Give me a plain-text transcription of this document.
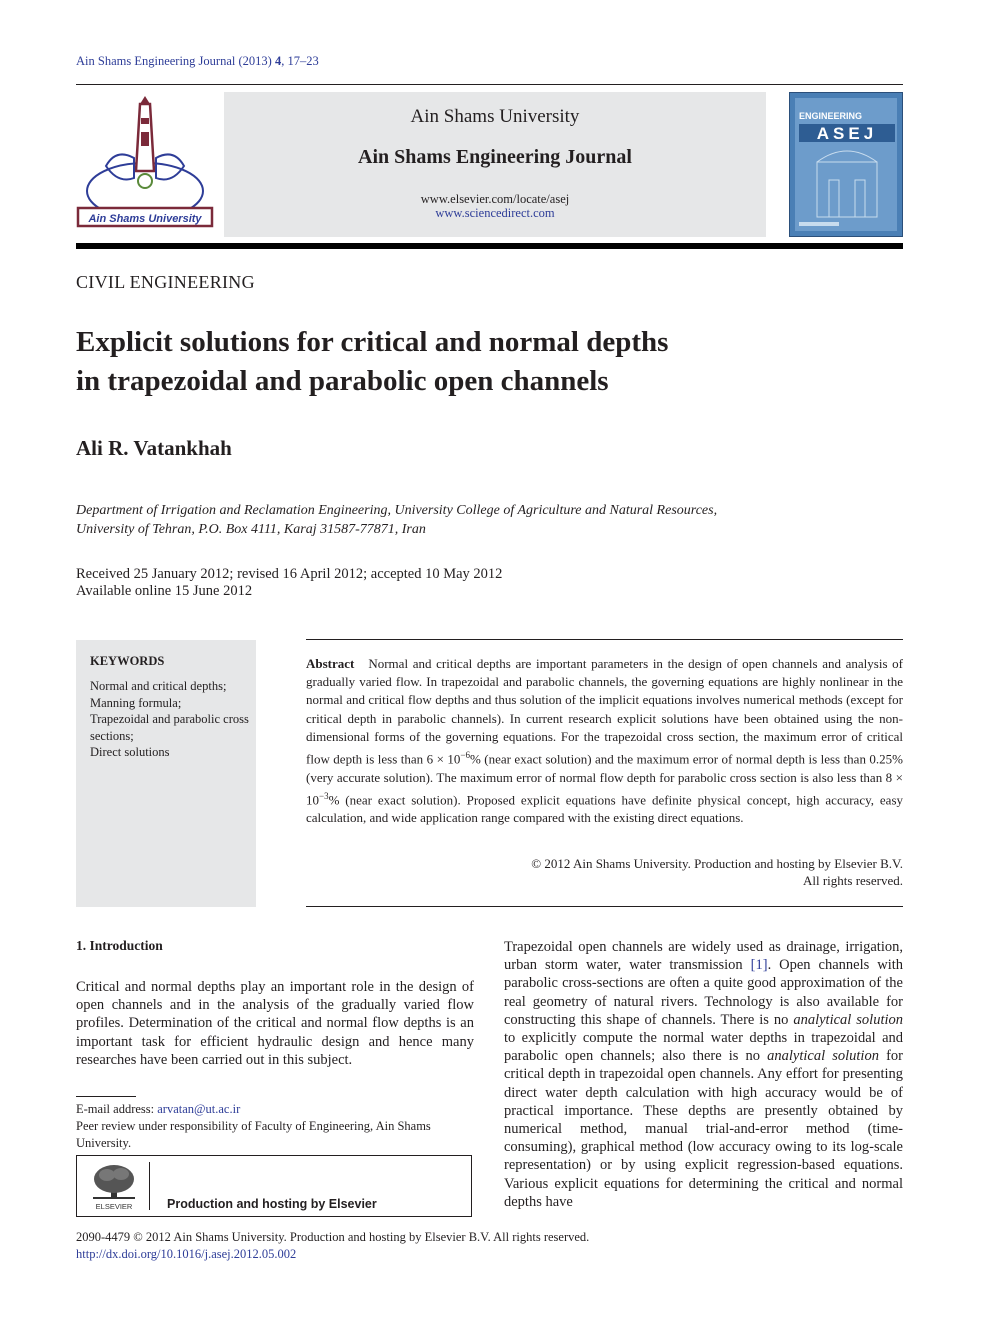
Ain Shams Engineering Journal (2013) 4, 17–23
Ain Shams University
Ain Shams University
Ain Shams Engineering Journal
www.elsevier.com/locate/asej
www.sciencedirect.com
ENGINEERING
ASEJ
CIVIL ENGINEERING
Explicit solutions for critical and normal depths
in trapezoidal and parabolic open channels
Ali R. Vatankhah
Department of Irrigation and Reclamation Engineering, University College of Agriculture and Natural Resources,
University of Tehran, P.O. Box 4111, Karaj 31587-77871, Iran
Received 25 January 2012; revised 16 April 2012; accepted 10 May 2012
Available online 15 June 2012
KEYWORDS
Normal and critical depths;
Manning formula;
Trapezoidal and parabolic cross sections;
Direct solutions
Abstract Normal and critical depths are important parameters in the design of open channels and analysis of gradually varied flow. In trapezoidal and parabolic channels, the governing equations are highly nonlinear in the normal and critical flow depths and thus solution of the implicit equations involves numerical methods (except for critical depth in parabolic channels). In current research explicit solutions have been obtained using the non-dimensional forms of the governing equations. For the trapezoidal cross section, the maximum error of critical flow depth is less than $6 \times 10^{-6}\%$ (near exact solution) and the maximum error of normal depth is less than 0.25% (very accurate solution). The maximum error of normal flow depth for parabolic cross section is also less than $8 \times 10^{-3}\%$ (near exact solution). Proposed explicit equations have definite physical concept, high accuracy, easy calculation, and wide application range compared with the existing direct equations.
© 2012 Ain Shams University. Production and hosting by Elsevier B.V.
All rights reserved.
1. Introduction
Critical and normal depths play an important role in the design of open channels and in the analysis of the gradually varied flow profiles. Determination of the critical and normal flow depths is an important task for efficient hydraulic design and hence many researches have been carried out in this subject.
E-mail address: arvatan@ut.ac.ir
Peer review under responsibility of Faculty of Engineering, Ain Shams University.
ELSEVIER	Production and hosting by Elsevier
Trapezoidal open channels are widely used as drainage, irrigation, urban storm water, water transmission [1]. Open channels with parabolic cross-sections are often a quite good approximation of the real geometry of natural rivers. Technology is also available for constructing this shape of channels. There is no analytical solution to explicitly compute the normal water depths in trapezoidal and parabolic open channels; also there is no analytical solution for critical depth in trapezoidal open channels. Any effort for presenting direct water depth calculation with high accuracy would be of practical importance. These depths are presently obtained by numerical method, manual trial-and-error method (time-consuming), graphical method (low accuracy owing to its log-scale representation) or by using explicit regression-based equations. Various explicit equations for determining the critical and normal depths have
2090-4479 © 2012 Ain Shams University. Production and hosting by Elsevier B.V. All rights reserved.
http://dx.doi.org/10.1016/j.asej.2012.05.002
